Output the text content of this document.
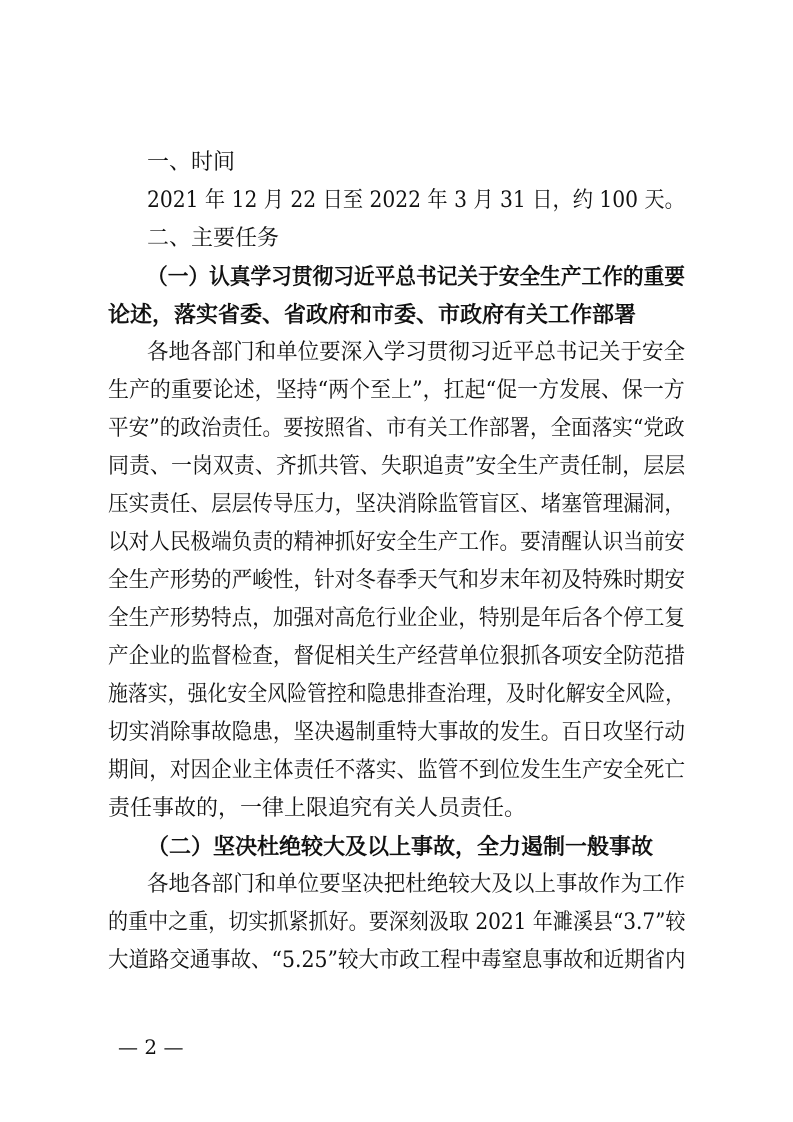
一、时间
2021 年 12 月 22 日至 2022 年 3 月 31 日，约 100 天。
二、主要任务
（一）认真学习贯彻习近平总书记关于安全生产工作的重要
论述，落实省委、省政府和市委、市政府有关工作部署
各地各部门和单位要深入学习贯彻习近平总书记关于安全
生产的重要论述，坚持“两个至上”，扛起“促一方发展、保一方
平安”的政治责任。要按照省、市有关工作部署，全面落实“党政
同责、一岗双责、齐抓共管、失职追责”安全生产责任制，层层
压实责任、层层传导压力，坚决消除监管盲区、堵塞管理漏洞，
以对人民极端负责的精神抓好安全生产工作。要清醒认识当前安
全生产形势的严峻性，针对冬春季天气和岁末年初及特殊时期安
全生产形势特点，加强对高危行业企业，特别是年后各个停工复
产企业的监督检查，督促相关生产经营单位狠抓各项安全防范措
施落实，强化安全风险管控和隐患排查治理，及时化解安全风险，
切实消除事故隐患，坚决遏制重特大事故的发生。百日攻坚行动
期间，对因企业主体责任不落实、监管不到位发生生产安全死亡
责任事故的，一律上限追究有关人员责任。
（二）坚决杜绝较大及以上事故，全力遏制一般事故
各地各部门和单位要坚决把杜绝较大及以上事故作为工作
的重中之重，切实抓紧抓好。要深刻汲取 2021 年濉溪县“3.7”较
大道路交通事故、“5.25”较大市政工程中毒窒息事故和近期省内
— 2 —
